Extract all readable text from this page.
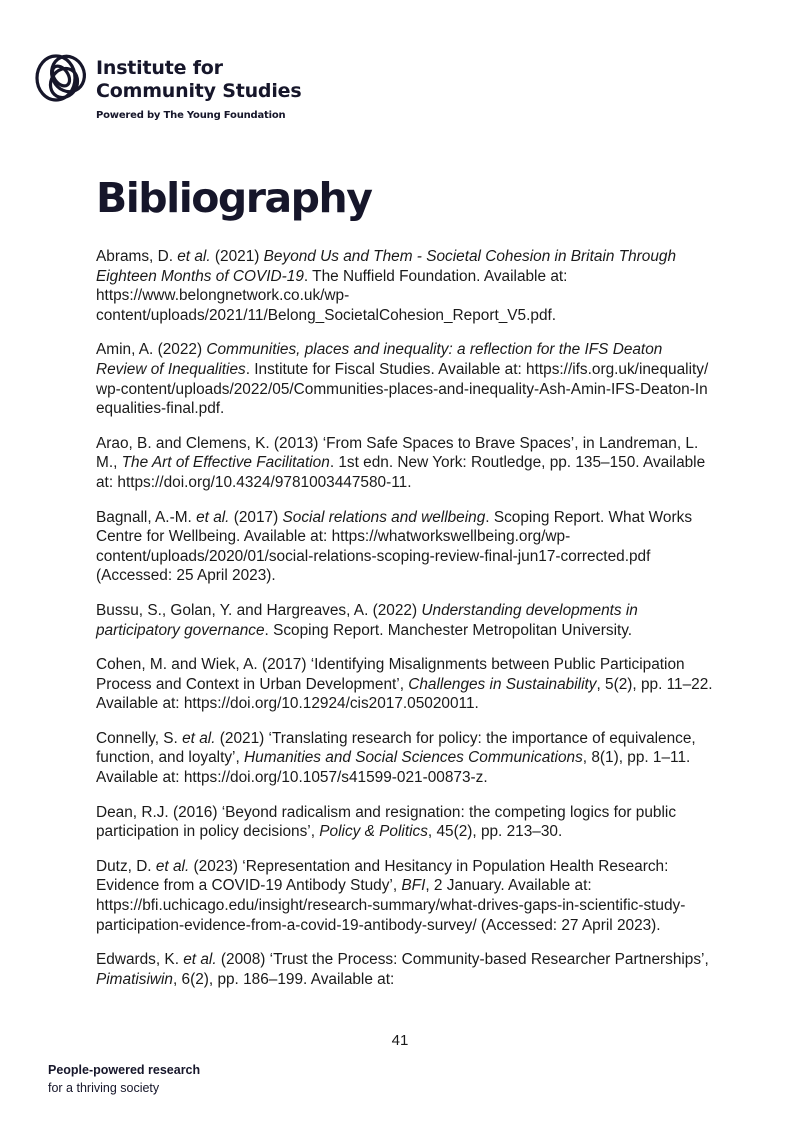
Institute for
Community Studies
Powered by The Young Foundation
Bibliography

Abrams, D. et al. (2021) Beyond Us and Them - Societal Cohesion in Britain Through Eighteen Months of COVID-19. The Nuffield Foundation. Available at: https://www.belongnetwork.co.uk/wp-content/uploads/2021/11/Belong_SocietalCohesion_Report_V5.pdf.

Amin, A. (2022) Communities, places and inequality: a reflection for the IFS Deaton Review of Inequalities. Institute for Fiscal Studies. Available at: https://ifs.org.uk/inequality/wp-content/uploads/2022/05/Communities-places-and-inequality-Ash-Amin-IFS-Deaton-Inequalities-final.pdf.

Arao, B. and Clemens, K. (2013) ‘From Safe Spaces to Brave Spaces’, in Landreman, L. M., The Art of Effective Facilitation. 1st edn. New York: Routledge, pp. 135–150. Available at: https://doi.org/10.4324/9781003447580-11.

Bagnall, A.-M. et al. (2017) Social relations and wellbeing. Scoping Report. What Works Centre for Wellbeing. Available at: https://whatworkswellbeing.org/wp-content/uploads/2020/01/social-relations-scoping-review-final-jun17-corrected.pdf (Accessed: 25 April 2023).

Bussu, S., Golan, Y. and Hargreaves, A. (2022) Understanding developments in participatory governance. Scoping Report. Manchester Metropolitan University.

Cohen, M. and Wiek, A. (2017) ‘Identifying Misalignments between Public Participation Process and Context in Urban Development’, Challenges in Sustainability, 5(2), pp. 11–22. Available at: https://doi.org/10.12924/cis2017.05020011.

Connelly, S. et al. (2021) ‘Translating research for policy: the importance of equivalence, function, and loyalty’, Humanities and Social Sciences Communications, 8(1), pp. 1–11. Available at: https://doi.org/10.1057/s41599-021-00873-z.

Dean, R.J. (2016) ‘Beyond radicalism and resignation: the competing logics for public participation in policy decisions’, Policy & Politics, 45(2), pp. 213–30.

Dutz, D. et al. (2023) ‘Representation and Hesitancy in Population Health Research: Evidence from a COVID-19 Antibody Study’, BFI, 2 January. Available at: https://bfi.uchicago.edu/insight/research-summary/what-drives-gaps-in-scientific-study-participation-evidence-from-a-covid-19-antibody-survey/ (Accessed: 27 April 2023).

Edwards, K. et al. (2008) ‘Trust the Process: Community-based Researcher Partnerships’, Pimatisiwin, 6(2), pp. 186–199. Available at:

41
People-powered research
for a thriving society
